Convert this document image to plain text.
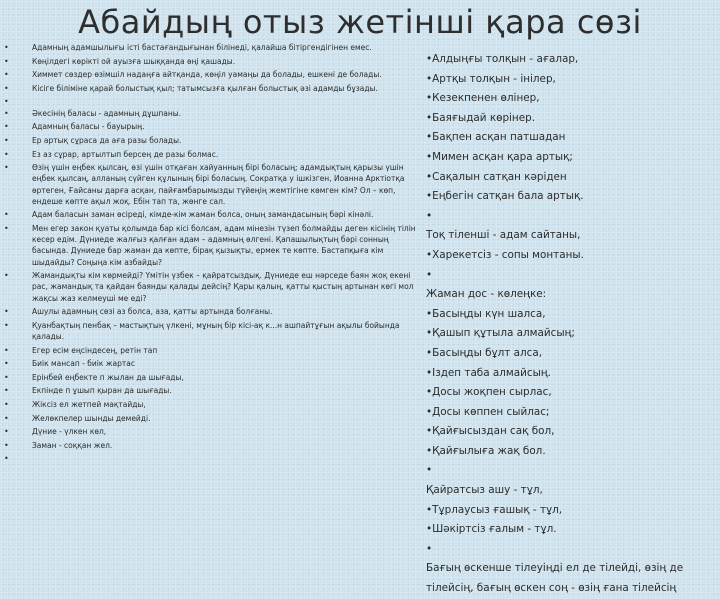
Абайдың отыз жетінші қара сөзі
• Адамның адамшылығы істі бастағандығынан білінеді, қалайша бітіргендігінен емес.
• Көңілдегі көрікті ой ауызға шыққанда өңі қашады.
• Химмет сөздер өзімшіл надаңға айтқанда, көңіл уамаңы да болады, ешкені де болады.
• Кісіге біліміне қарай болыстық қыл; татымсызға қылған болыстық әзі адамды бұзады.
•
• Әкесінің баласы - адамның дұшпаны.
• Адамның баласы - бауырың.
• Ер артық сұраса да аға разы болады.
• Ез аз сұрар, артылтып берсең де разы болмас.
• Өзің үшін еңбек қылсаң, өзі үшін отқаған хайуанның бірі боласың; адамдықтың қарызы үшін еңбек қылсаң, алланың сүйген құлының бірі боласың. Сократқа у ішкізген, Иоанна Арктіотқа өртеген, Ғайсаны дарға асқан, пайғамбарымызды түйеңің жемтігіне көмген кім? Ол – көп, ендеше көпте ақыл жоқ. Ебін тап та, жөнге сал.
• Адам баласын заман өсіреді, кімде-кім жаман болса, оның замандасының бәрі кінәлі.
• Мен егер закон қуаты қолымда бар кісі болсам, адам мінезін түзеп болмайды деген кісінің тілін кесер едім. Дүниеде жалғыз қалған адам – адамның өлгені. Қапашылықтың бәрі сонның басында. Дүниеде бар жаман да көпте, бірақ қызықты, ермек те көпте. Бастапқыға кім шыдайды? Соңыңа кім азбайды?
• Жамандықты кім көрмейді? Үмітін үзбек – қайратсыздық. Дүниеде еш нәрседе баян жоқ екені рас, жамандық та қайдан баянды қалады дейсің? Қары қалың, қатты қыстың артынан көгі мол жақсы жаз келмеуші ме еді?
• Ашулы адамның сөзі аз болса, аза, қатты артында болғаны.
• Қуанбақтың пенбақ – мастықтың үлкені, мұның бір кісі-ақ к...н ашпайтұғын ақылы бойында қалады.
• Егер есім еңсіндесең, ретін тап
• Биік мансап - биік жартас
• Ерінбей еңбекте п жылан да шығады,
• Екпінде п ұшып қыран да шығады.
• Жіксіз ел жетпей мақтайды,
• Желөкпелер шынды демейді.
• Дүние - үлкен көл,
• Заман - соққан жел.
•
•Алдыңғы толқын - ағалар,
•Артқы толқын - інілер,
•Кезекпенен өлінер,
•Баяғыдай көрінер.
•Бақпен асқан патшадан
•Мимен асқан қара артық;
•Сақалын сатқан кәріден
•Еңбегін сатқан бала артық.
•
Тоқ тіленші - адам сайтаны,
•Харекетсіз - сопы монтаны.
•
Жаман дос - көлеңке:
•Басыңды күн шалса,
•Қашып құтыла алмайсың;
•Басыңды бұлт алса,
•Іздеп таба алмайсың.
•Досы жоқпен сырлас,
•Досы көппен сыйлас;
•Қайғысыздан сақ бол,
•Қайғылыға жақ бол.
•
Қайратсыз ашу - тұл,
•Тұрлаусыз ғашық - тұл,
•Шәкіртсіз ғалым - тұл.
•
Бағың өскенше тілеуіңді ел де тілейді, өзің де тілейсің, бағың өскен соң - өзің ғана тілейсің
